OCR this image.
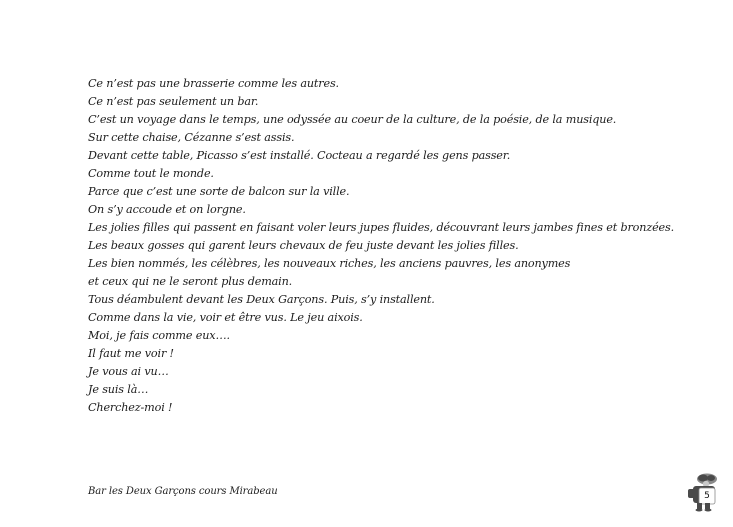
Ce n’est pas une brasserie comme les autres.
Ce n’est pas seulement un bar.
C’est un voyage dans le temps, une odyssée au coeur de la culture, de la poésie, de la musique.
Sur cette chaise, Cézanne s’est assis.
Devant cette table, Picasso s’est installé. Cocteau a regardé les gens passer.
Comme tout le monde.
Parce que c’est une sorte de balcon sur la ville.
On s’y accoude et on lorgne.
Les jolies filles qui passent en faisant voler leurs jupes fluides, découvrant leurs jambes fines et bronzées.
Les beaux gosses qui garent leurs chevaux de feu juste devant les jolies filles.
Les bien nommés, les célèbres, les nouveaux riches, les anciens pauvres, les anonymes
et ceux qui ne le seront plus demain.
Tous déambulent devant les Deux Garçons. Puis, s’y installent.
Comme dans la vie, voir et être vus. Le jeu aixois.
Moi, je fais comme eux….
Il faut me voir !
Je vous ai vu…
Je suis là…
Cherchez-moi !
Bar les Deux Garçons cours Mirabeau	5
